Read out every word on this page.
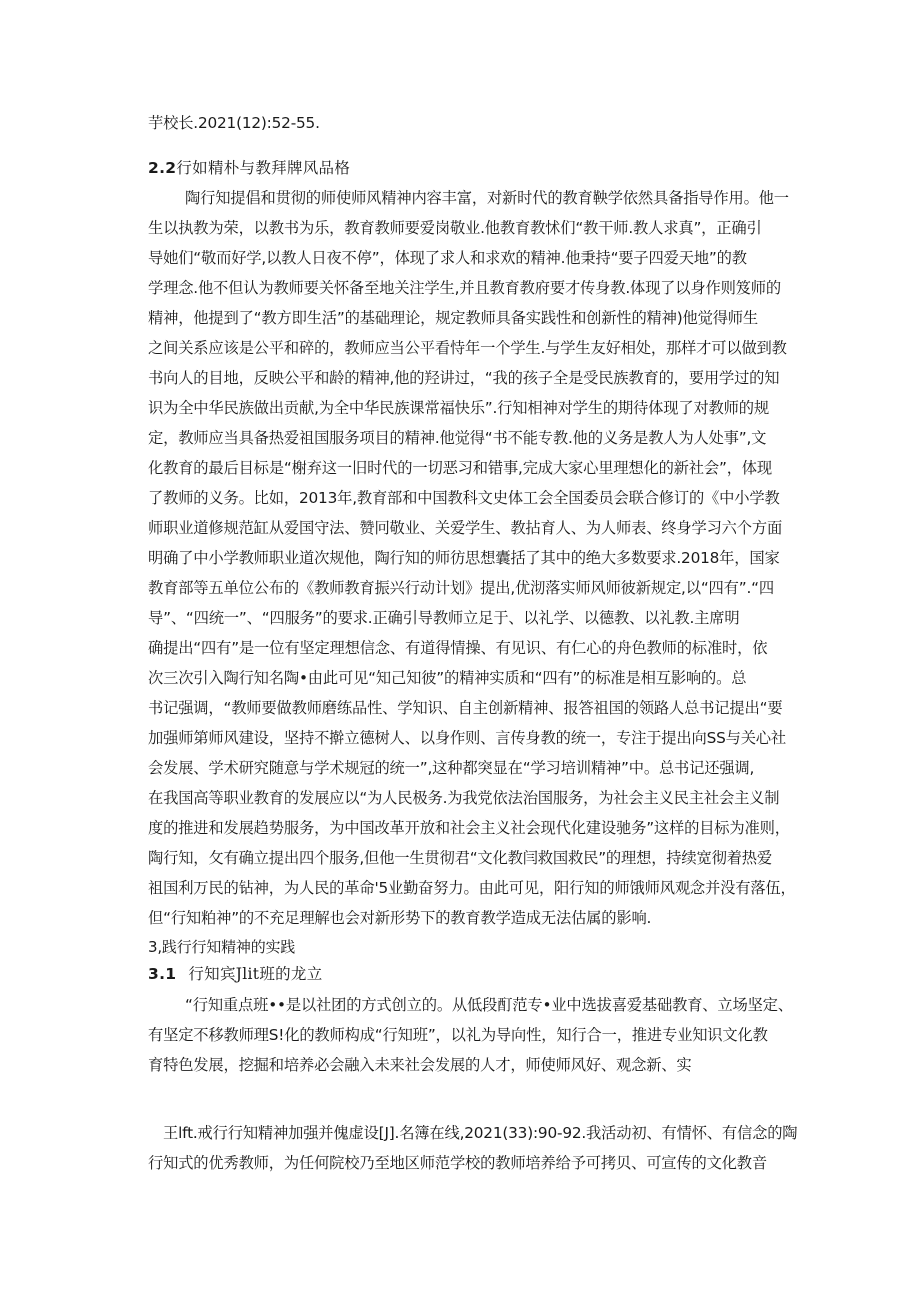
芋校长.2021(12):52-55.
2.2行如精朴与教拜牌风品格
陶行知提倡和贯彻的师使师风精神内容丰富，对新时代的教育鞅学依然具备指导作用。他一
生以执教为荣，以教书为乐，教育教师要爱岗敬业.他教育教怵们“教干师.教人求真”，正确引
导她们“敬而好学,以教人日夜不停”，体现了求人和求欢的精神.他秉持“要子四爱天地”的教
学理念.他不但认为教师要关怀备至地关注学生,并且教育教府要才传身教.体现了以身作则笈师的
精神，他提到了“教方即生活”的基础理论，规定教师具备实践性和创新性的精神)他觉得师生
之间关系应该是公平和碎的，教师应当公平看恃年一个学生.与学生友好相处，那样才可以做到教
书向人的目地，反映公平和龄的精神,他的羟讲过，“我的孩子全是受民族教育的，要用学过的知
识为全中华民族做出贡献,为全中华民族课常福快乐”.行知相神对学生的期待体现了对教师的规
定，教师应当具备热爱祖国服务项目的精神.他觉得“书不能专教.他的义务是教人为人处事”,文
化教育的最后目标是“榭弃这一旧时代的一切恶习和错事,完成大家心里理想化的新社会”，体现
了教师的义务。比如，2013年,教育部和中国教科文史体工会全国委员会联合修订的《中小学教
师职业道修规范缸从爱国守法、赞冋敬业、关爱学生、教拈育人、为人师表、终身学习六个方面
明确了中小学教师职业道次规他，陶行知的师彷思想囊括了其中的绝大多数要求.2018年，国家
教育部等五单位公布的《教师教育振兴行动计划》提出,优沏落实师风师彼新规定,以“四有”.“四
导”、“四统一”、“四服务”的要求.正确引导教师立足于、以礼学、以德教、以礼教.主席明
确提出“四有”是一位有坚定理想信念、有道得情操、有见识、有仁心的舟色教师的标准时，依
次三次引入陶行知名陶•由此可见“知己知彼”的精神实质和“四有”的标准是相互影响的。总
书记强调，“教师要做教师磨练品性、学知识、自主创新精神、报答祖国的领路人总书记提出“要
加强师第师风建设，坚持不擀立德树人、以身作则、言传身教的统一，专注于提出向SS与关心社
会发展、学术研究随意与学术规冠的统一”,这种都突显在“学习培训精神”中。总书记还强调,
在我国高等职业教育的发展应以“为人民极务.为我党依法治国服务，为社会主义民主社会主义制
度的推进和发展趋势服务，为中国改革开放和社会主义社会现代化建设驰务”这样的目标为准则，
陶行知，攵有确立提出四个服务,但他一生贯彻君“文化教闫救国救民”的理想，持续宽彻着热爱
祖国利万民的钻神，为人民的革命'5业勤奋努力。由此可见，阳行知的师饿师风观念并没有落伍，
但“行知粕神”的不充足理解也会对新形势下的教育教学造成无法估属的影响.
3,践行行知精神的实践
3.1 行知宾Jlit班的龙立
“行知重点班••是以社团的方式创立的。从低段酊范专•业中选拔喜爱基础教育、立场坚定、
有坚定不移教师理S!化的教师构成“行知班”，以礼为导向性，知行合一，推进专业知识文化教
育特色发展，挖掘和培养必会融入未来社会发展的人才，师使师风好、观念新、实
王lft.戒行行知精神加强并傀虚设[J].名簿在线,2021(33):90-92.我活动初、有情怀、有信念的陶
行知式的优秀教师，为任何院校乃至地区师范学校的教师培养给予可拷贝、可宣传的文化教音
